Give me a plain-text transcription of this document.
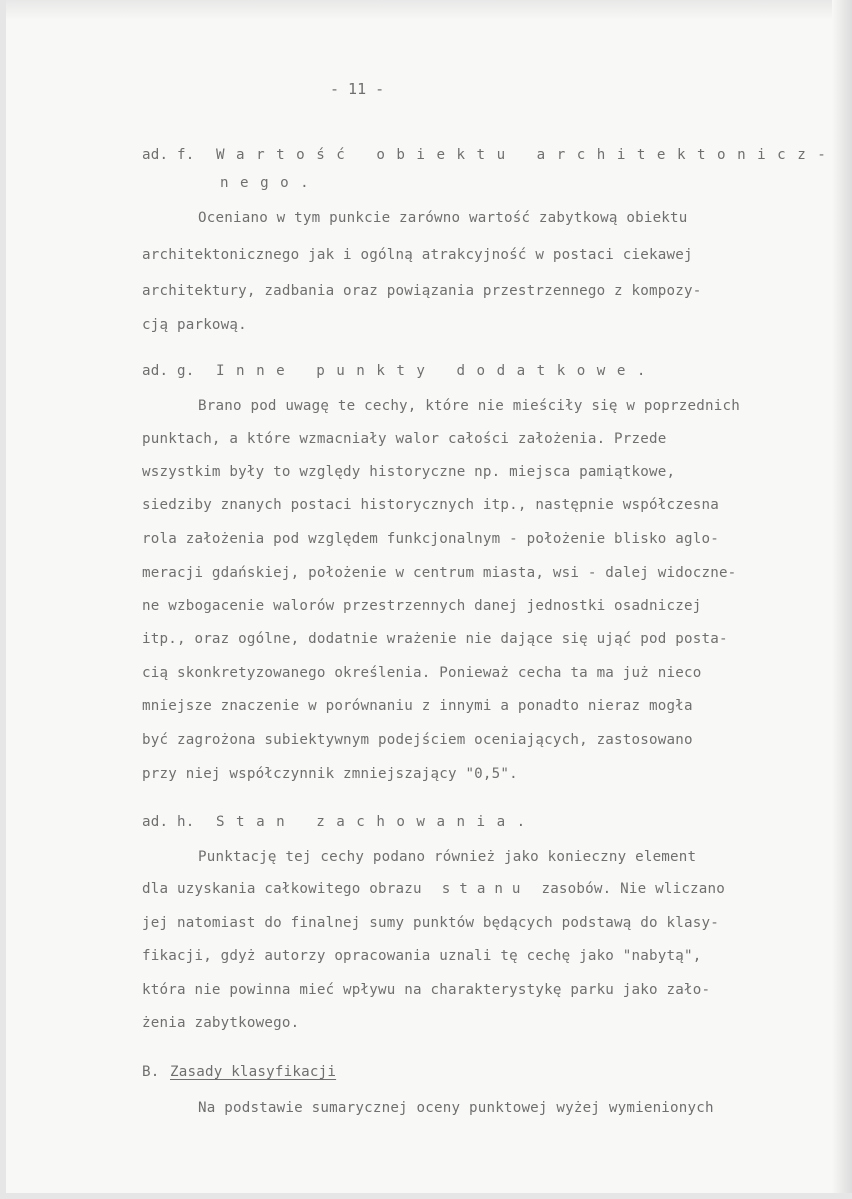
- 11 -
ad. f. Wartość obiektu architektonicz-
nego.
Oceniano w tym punkcie zarówno wartość zabytkową obiektu
architektonicznego jak i ogólną atrakcyjność w postaci ciekawej
architektury, zadbania oraz powiązania przestrzennego z kompozy-
cją parkową.
ad. g. Inne punkty dodatkowe.
Brano pod uwagę te cechy, które nie mieściły się w poprzednich
punktach, a które wzmacniały walor całości założenia. Przede
wszystkim były to względy historyczne np. miejsca pamiątkowe,
siedziby znanych postaci historycznych itp., następnie współczesna
rola założenia pod względem funkcjonalnym - położenie blisko aglo-
meracji gdańskiej, położenie w centrum miasta, wsi - dalej widoczne-
ne wzbogacenie walorów przestrzennych danej jednostki osadniczej
itp., oraz ogólne, dodatnie wrażenie nie dające się ująć pod posta-
cią skonkretyzowanego określenia. Ponieważ cecha ta ma już nieco
mniejsze znaczenie w porównaniu z innymi a ponadto nieraz mogła
być zagrożona subiektywnym podejściem oceniających, zastosowano
przy niej współczynnik zmniejszający "0,5".
ad. h. Stan zachowania.
Punktację tej cechy podano również jako konieczny element
dla uzyskania całkowitego obrazu stanu zasobów. Nie wliczano
jej natomiast do finalnej sumy punktów będących podstawą do klasy-
fikacji, gdyż autorzy opracowania uznali tę cechę jako "nabytą",
która nie powinna mieć wpływu na charakterystykę parku jako zało-
żenia zabytkowego.
B. Zasady klasyfikacji
Na podstawie sumarycznej oceny punktowej wyżej wymienionych
